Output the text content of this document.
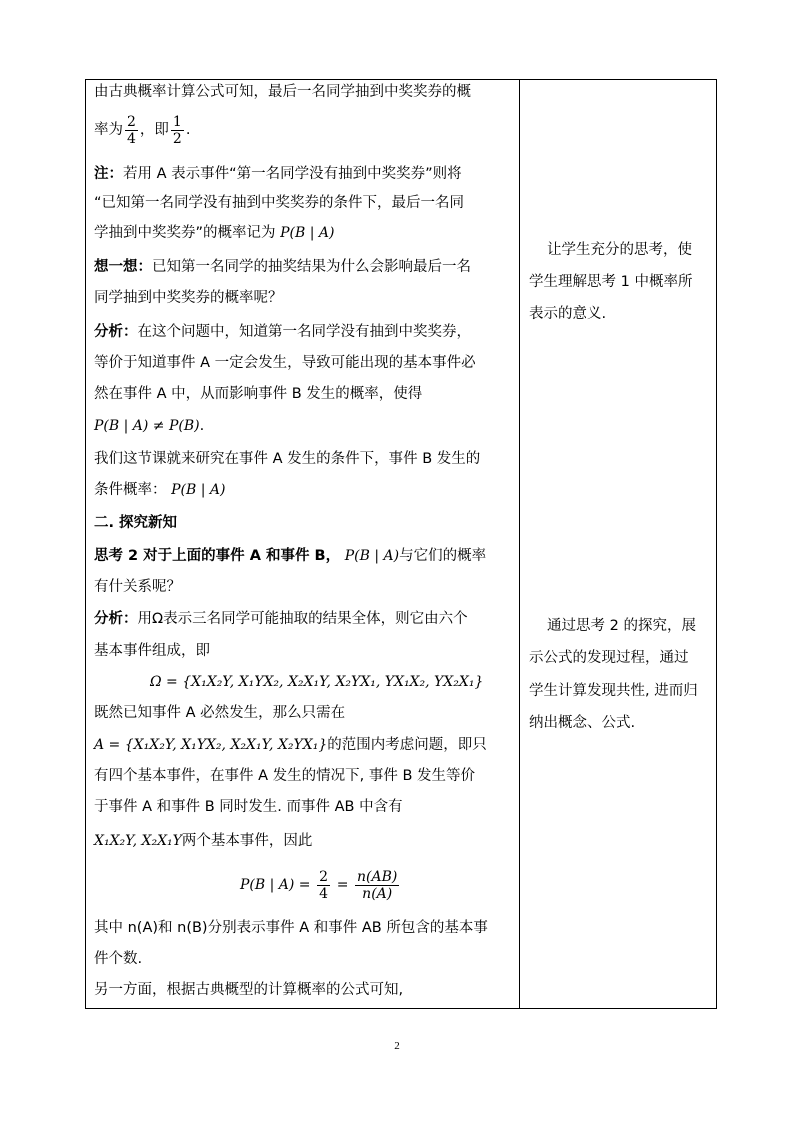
由古典概率计算公式可知，最后一名同学抽到中奖奖券的概
率为 $\frac{2}{4}$ ，即 $\frac{1}{2}$ .
注：若用 A 表示事件“第一名同学没有抽到中奖奖券”则将
“已知第一名同学没有抽到中奖奖券的条件下，最后一名同
学抽到中奖奖券”的概率记为 P(B | A)
想一想：已知第一名同学的抽奖结果为什么会影响最后一名
同学抽到中奖奖券的概率呢？
分析：在这个问题中，知道第一名同学没有抽到中奖奖券，
等价于知道事件 A 一定会发生，导致可能出现的基本事件必
然在事件 A 中，从而影响事件 B 发生的概率，使得
P(B | A) ≠ P(B).
我们这节课就来研究在事件 A 发生的条件下，事件 B 发生的
条件概率： P(B | A)
二. 探究新知
思考 2 对于上面的事件 A 和事件 B， P(B | A)与它们的概率
有什关系呢？
分析：用Ω表示三名同学可能抽取的结果全体，则它由六个
基本事件组成，即
Ω = {X₁X₂Y, X₁YX₂, X₂X₁Y, X₂YX₁, YX₁X₂, YX₂X₁}
既然已知事件 A 必然发生，那么只需在
A = {X₁X₂Y, X₁YX₂, X₂X₁Y, X₂YX₁}的范围内考虑问题，即只
有四个基本事件，在事件 A 发生的情况下, 事件 B 发生等价
于事件 A 和事件 B 同时发生. 而事件 AB 中含有
X₁X₂Y, X₂X₁Y两个基本事件，因此
P(B | $A) = \frac{2}{4} = \frac{n(AB)}{n(A)}$
其中 n(A)和 n(B)分别表示事件 A 和事件 AB 所包含的基本事
件个数.
另一方面，根据古典概型的计算概率的公式可知,
让学生充分的思考，使
学生理解思考 1 中概率所
表示的意义.
通过思考 2 的探究，展
示公式的发现过程，通过
学生计算发现共性, 进而归
纳出概念、公式.
2
